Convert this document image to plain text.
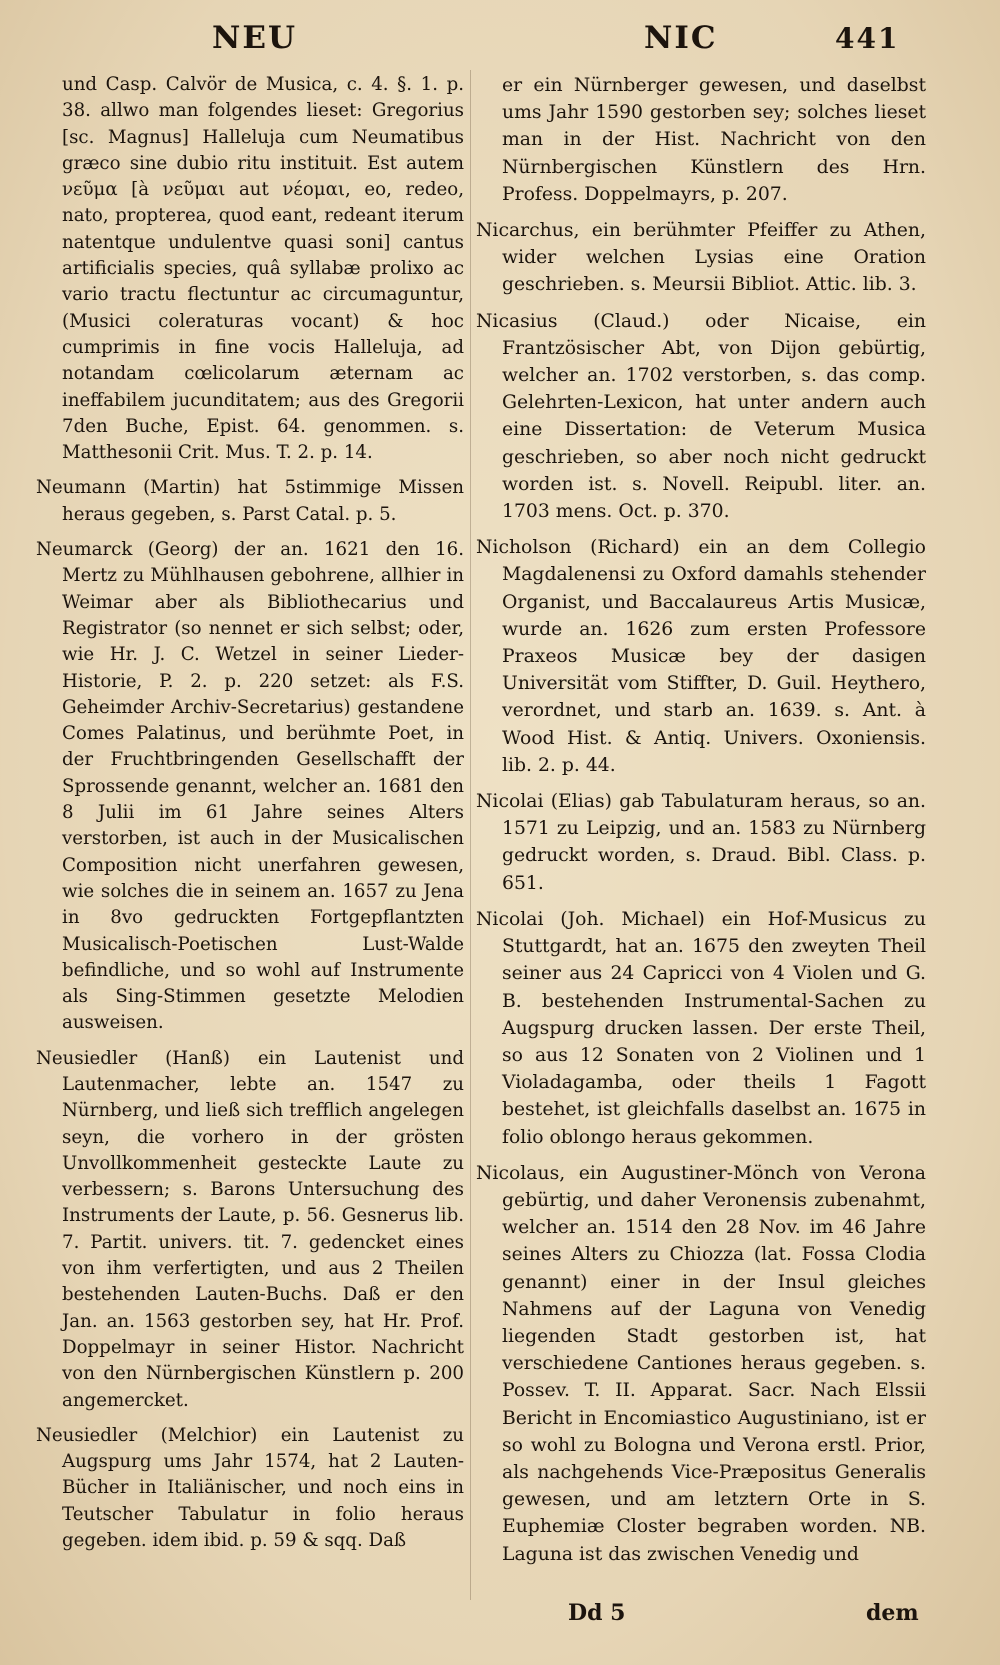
NEU	NIC	441

und Casp. Calvör de Musica, c. 4. §. 1. p. 38. allwo man folgendes lieset: Gregorius [sc. Magnus] Halleluja cum Neumatibus græco sine dubio ritu instituit. Est autem νεῦμα [à νεῦμαι aut νέομαι, eo, redeo, nato, propterea, quod eant, redeant iterum natentque undulentve quasi soni] cantus artificialis species, quâ syllabæ prolixo ac vario tractu flectuntur ac circumaguntur, (Musici coleraturas vocant) & hoc cumprimis in fine vocis Halleluja, ad notandam cœlicolarum æternam ac ineffabilem jucunditatem; aus des Gregorii 7den Buche, Epist. 64. genommen. s. Matthesonii Crit. Mus. T. 2. p. 14.

Neumann (Martin) hat 5stimmige Missen heraus gegeben, s. Parst Catal. p. 5.

Neumarck (Georg) der an. 1621 den 16. Mertz zu Mühlhausen gebohrene, allhier in Weimar aber als Bibliothecarius und Registrator (so nennet er sich selbst; oder, wie Hr. J. C. Wetzel in seiner Lieder-Historie, P. 2. p. 220 setzet: als F.S. Geheimder Archiv-Secretarius) gestandene Comes Palatinus, und berühmte Poet, in der Fruchtbringenden Gesellschafft der Sprossende genannt, welcher an. 1681 den 8 Julii im 61 Jahre seines Alters verstorben, ist auch in der Musicalischen Composition nicht unerfahren gewesen, wie solches die in seinem an. 1657 zu Jena in 8vo gedruckten Fortgepflantzten Musicalisch-Poetischen Lust-Walde befindliche, und so wohl auf Instrumente als Sing-Stimmen gesetzte Melodien ausweisen.

Neusiedler (Hanß) ein Lautenist und Lautenmacher, lebte an. 1547 zu Nürnberg, und ließ sich trefflich angelegen seyn, die vorhero in der grösten Unvollkommenheit gesteckte Laute zu verbessern; s. Barons Untersuchung des Instruments der Laute, p. 56. Gesnerus lib. 7. Partit. univers. tit. 7. gedencket eines von ihm verfertigten, und aus 2 Theilen bestehenden Lauten-Buchs. Daß er den Jan. an. 1563 gestorben sey, hat Hr. Prof. Doppelmayr in seiner Histor. Nachricht von den Nürnbergischen Künstlern p. 200 angemercket.

Neusiedler (Melchior) ein Lautenist zu Augspurg ums Jahr 1574, hat 2 Lauten-Bücher in Italiänischer, und noch eins in Teutscher Tabulatur in folio heraus gegeben. idem ibid. p. 59 & sqq. Daß

er ein Nürnberger gewesen, und daselbst ums Jahr 1590 gestorben sey; solches lieset man in der Hist. Nachricht von den Nürnbergischen Künstlern des Hrn. Profess. Doppelmayrs, p. 207.

Nicarchus, ein berühmter Pfeiffer zu Athen, wider welchen Lysias eine Oration geschrieben. s. Meursii Bibliot. Attic. lib. 3.

Nicasius (Claud.) oder Nicaise, ein Frantzösischer Abt, von Dijon gebürtig, welcher an. 1702 verstorben, s. das comp. Gelehrten-Lexicon, hat unter andern auch eine Dissertation: de Veterum Musica geschrieben, so aber noch nicht gedruckt worden ist. s. Novell. Reipubl. liter. an. 1703 mens. Oct. p. 370.

Nicholson (Richard) ein an dem Collegio Magdalenensi zu Oxford damahls stehender Organist, und Baccalaureus Artis Musicæ, wurde an. 1626 zum ersten Professore Praxeos Musicæ bey der dasigen Universität vom Stiffter, D. Guil. Heythero, verordnet, und starb an. 1639. s. Ant. à Wood Hist. & Antiq. Univers. Oxoniensis. lib. 2. p. 44.

Nicolai (Elias) gab Tabulaturam heraus, so an. 1571 zu Leipzig, und an. 1583 zu Nürnberg gedruckt worden, s. Draud. Bibl. Class. p. 651.

Nicolai (Joh. Michael) ein Hof-Musicus zu Stuttgardt, hat an. 1675 den zweyten Theil seiner aus 24 Capricci von 4 Violen und G. B. bestehenden Instrumental-Sachen zu Augspurg drucken lassen. Der erste Theil, so aus 12 Sonaten von 2 Violinen und 1 Violadagamba, oder theils 1 Fagott bestehet, ist gleichfalls daselbst an. 1675 in folio oblongo heraus gekommen.

Nicolaus, ein Augustiner-Mönch von Verona gebürtig, und daher Veronensis zubenahmt, welcher an. 1514 den 28 Nov. im 46 Jahre seines Alters zu Chiozza (lat. Fossa Clodia genannt) einer in der Insul gleiches Nahmens auf der Laguna von Venedig liegenden Stadt gestorben ist, hat verschiedene Cantiones heraus gegeben. s. Possev. T. II. Apparat. Sacr. Nach Elssii Bericht in Encomiastico Augustiniano, ist er so wohl zu Bologna und Verona erstl. Prior, als nachgehends Vice-Præpositus Generalis gewesen, und am letztern Orte in S. Euphemiæ Closter begraben worden. NB. Laguna ist das zwischen Venedig und

Dd 5	dem
